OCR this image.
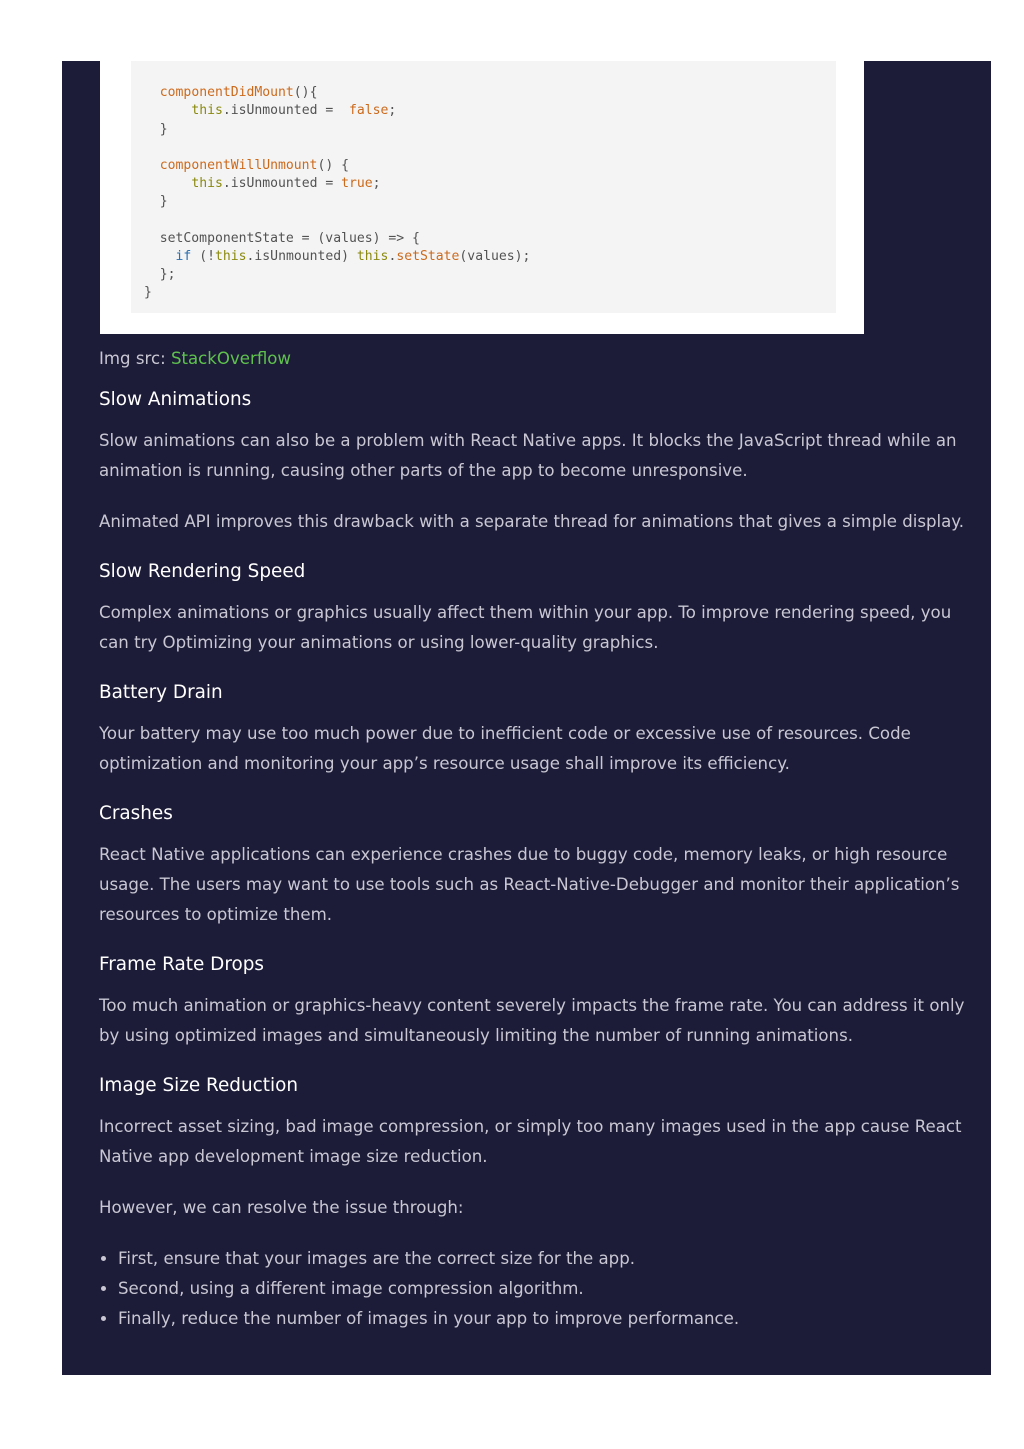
componentDidMount(){
this.isUnmounted =  false;
}

componentWillUnmount() {
this.isUnmounted = true;
}

setComponentState = (values) => {
if (!this.isUnmounted) this.setState(values);
};
}
Img src: StackOverflow
Slow Animations

Slow animations can also be a problem with React Native apps. It blocks the JavaScript thread while an animation is running, causing other parts of the app to become unresponsive.

Animated API improves this drawback with a separate thread for animations that gives a simple display.

Slow Rendering Speed

Complex animations or graphics usually affect them within your app. To improve rendering speed, you can try Optimizing your animations or using lower-quality graphics.

Battery Drain

Your battery may use too much power due to inefficient code or excessive use of resources. Code optimization and monitoring your app’s resource usage shall improve its efficiency.

Crashes

React Native applications can experience crashes due to buggy code, memory leaks, or high resource usage. The users may want to use tools such as React-Native-Debugger and monitor their application’s resources to optimize them.

Frame Rate Drops

Too much animation or graphics-heavy content severely impacts the frame rate. You can address it only by using optimized images and simultaneously limiting the number of running animations.

Image Size Reduction

Incorrect asset sizing, bad image compression, or simply too many images used in the app cause React Native app development image size reduction.

However, we can resolve the issue through:

• First, ensure that your images are the correct size for the app.
• Second, using a different image compression algorithm.
• Finally, reduce the number of images in your app to improve performance.
